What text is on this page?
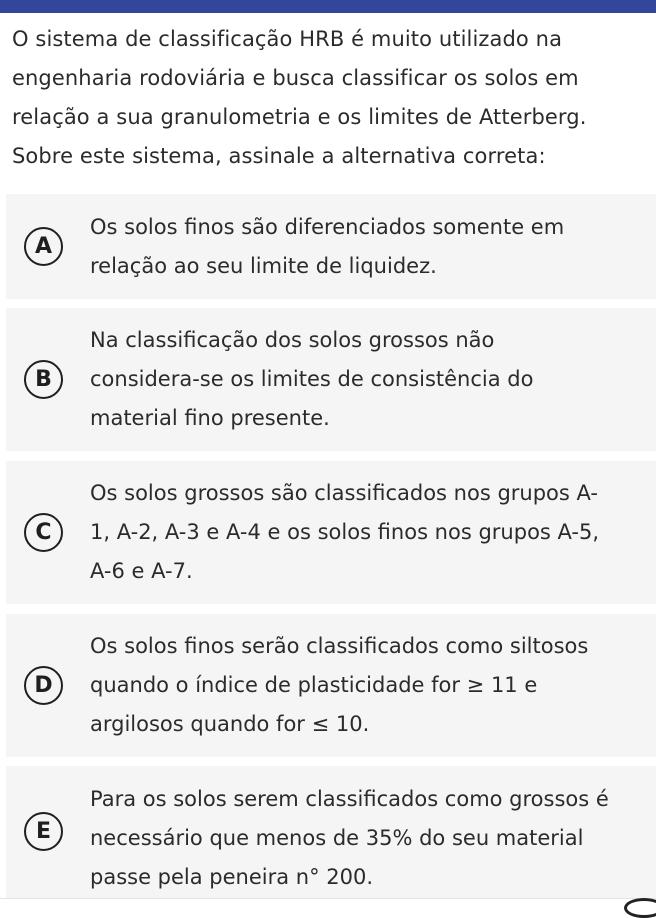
O sistema de classificação HRB é muito utilizado na
engenharia rodoviária e busca classificar os solos em
relação a sua granulometria e os limites de Atterberg.
Sobre este sistema, assinale a alternativa correta:
A
Os solos finos são diferenciados somente em
relação ao seu limite de liquidez.
B
Na classificação dos solos grossos não
considera-se os limites de consistência do
material fino presente.
C
Os solos grossos são classificados nos grupos A-
1, A-2, A-3 e A-4 e os solos finos nos grupos A-5,
A-6 e A-7.
D
Os solos finos serão classificados como siltosos
quando o índice de plasticidade for ≥ 11 e
argilosos quando for ≤ 10.
E
Para os solos serem classificados como grossos é
necessário que menos de 35% do seu material
passe pela peneira n° 200.
